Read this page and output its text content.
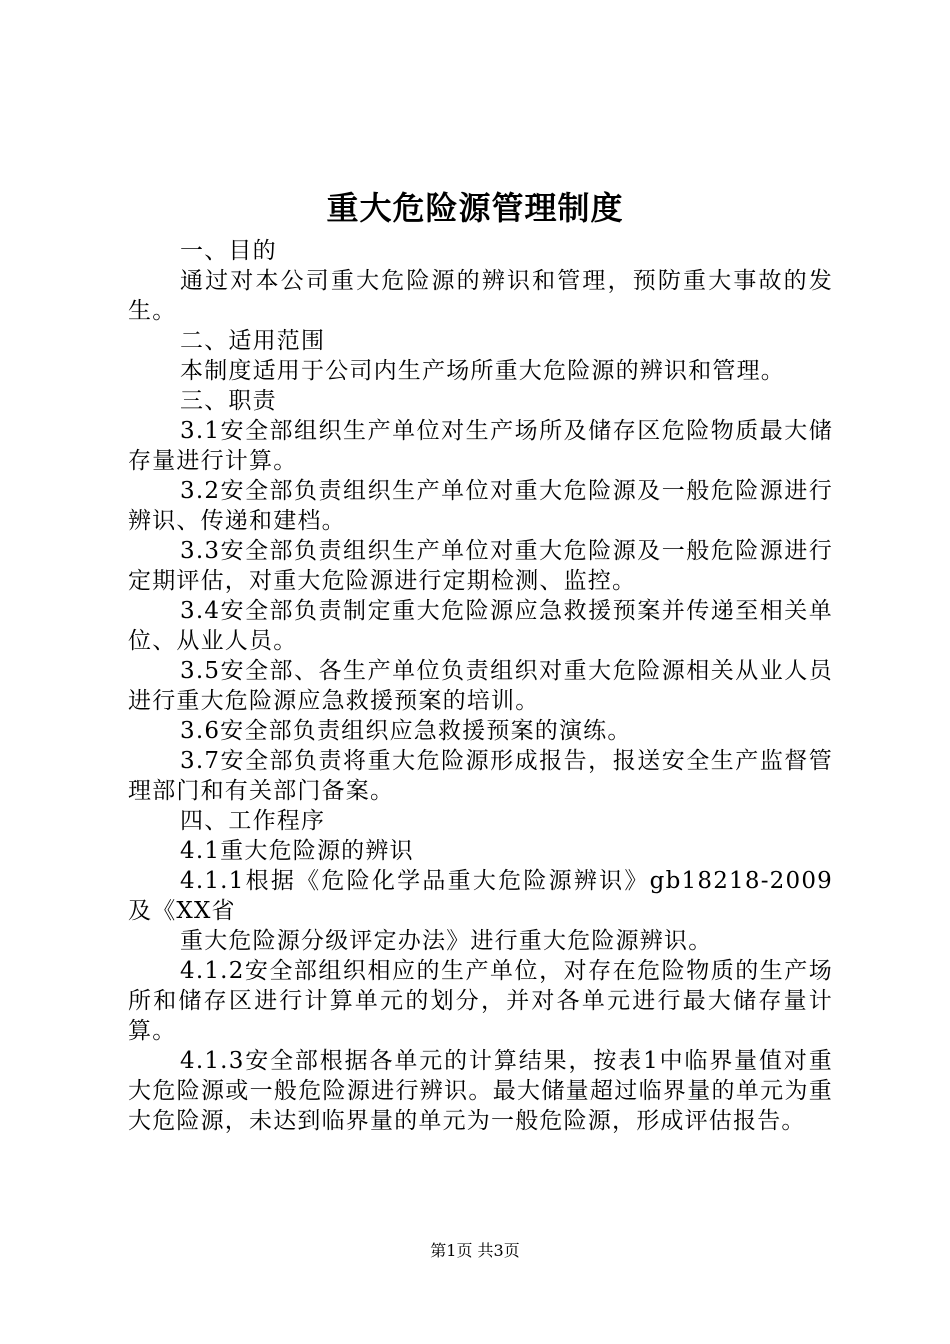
重大危险源管理制度

一、目的

通过对本公司重大危险源的辨识和管理，预防重大事故的发生。

二、适用范围

本制度适用于公司内生产场所重大危险源的辨识和管理。

三、职责

3.1安全部组织生产单位对生产场所及储存区危险物质最大储存量进行计算。

3.2安全部负责组织生产单位对重大危险源及一般危险源进行辨识、传递和建档。

3.3安全部负责组织生产单位对重大危险源及一般危险源进行定期评估，对重大危险源进行定期检测、监控。

3.4安全部负责制定重大危险源应急救援预案并传递至相关单位、从业人员。

3.5安全部、各生产单位负责组织对重大危险源相关从业人员进行重大危险源应急救援预案的培训。

3.6安全部负责组织应急救援预案的演练。

3.7安全部负责将重大危险源形成报告，报送安全生产监督管理部门和有关部门备案。

四、工作程序

4.1重大危险源的辨识

4.1.1根据《危险化学品重大危险源辨识》gb18218-2009及《XX省

重大危险源分级评定办法》进行重大危险源辨识。

4.1.2安全部组织相应的生产单位，对存在危险物质的生产场所和储存区进行计算单元的划分，并对各单元进行最大储存量计算。

4.1.3安全部根据各单元的计算结果，按表1中临界量值对重大危险源或一般危险源进行辨识。最大储量超过临界量的单元为重大危险源，未达到临界量的单元为一般危险源，形成评估报告。

第1页 共3页
